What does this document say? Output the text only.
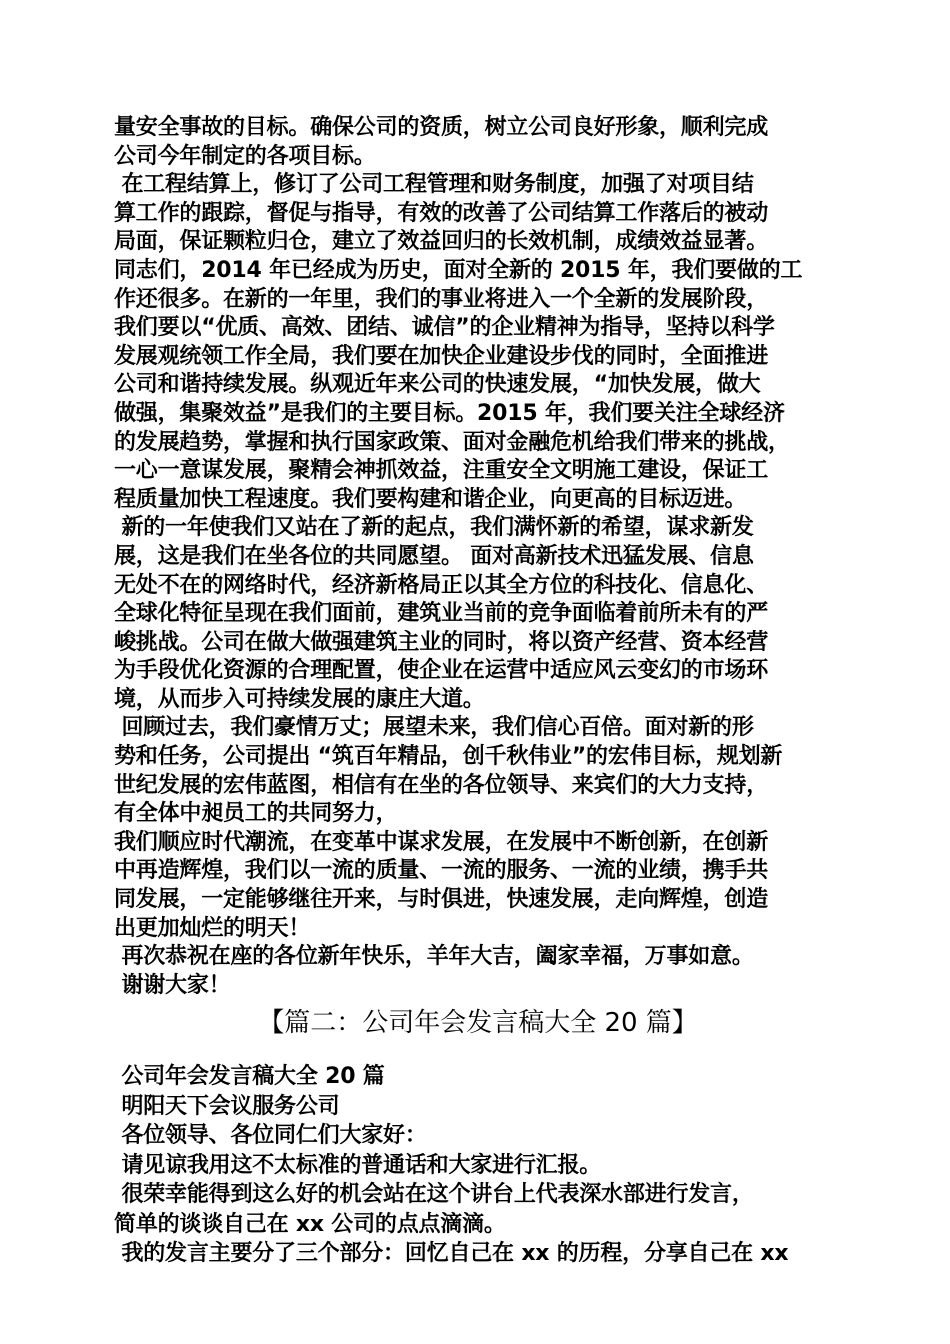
量安全事故的目标。确保公司的资质，树立公司良好形象，顺利完成
公司今年制定的各项目标。
在工程结算上，修订了公司工程管理和财务制度，加强了对项目结
算工作的跟踪，督促与指导，有效的改善了公司结算工作落后的被动
局面，保证颗粒归仓，建立了效益回归的长效机制，成绩效益显著。
同志们，2014 年已经成为历史，面对全新的 2015 年，我们要做的工
作还很多。在新的一年里，我们的事业将进入一个全新的发展阶段，
我们要以“优质、高效、团结、诚信”的企业精神为指导，坚持以科学
发展观统领工作全局，我们要在加快企业建设步伐的同时，全面推进
公司和谐持续发展。纵观近年来公司的快速发展，“加快发展，做大
做强，集聚效益”是我们的主要目标。2015 年，我们要关注全球经济
的发展趋势，掌握和执行国家政策、面对金融危机给我们带来的挑战，
一心一意谋发展，聚精会神抓效益，注重安全文明施工建设，保证工
程质量加快工程速度。我们要构建和谐企业，向更高的目标迈进。
新的一年使我们又站在了新的起点，我们满怀新的希望，谋求新发
展，这是我们在坐各位的共同愿望。 面对高新技术迅猛发展、信息
无处不在的网络时代，经济新格局正以其全方位的科技化、信息化、
全球化特征呈现在我们面前，建筑业当前的竞争面临着前所未有的严
峻挑战。公司在做大做强建筑主业的同时，将以资产经营、资本经营
为手段优化资源的合理配置，使企业在运营中适应风云变幻的市场环
境，从而步入可持续发展的康庄大道。
回顾过去，我们豪情万丈；展望未来，我们信心百倍。面对新的形
势和任务，公司提出 “筑百年精品，创千秋伟业”的宏伟目标，规划新
世纪发展的宏伟蓝图，相信有在坐的各位领导、来宾们的大力支持，
有全体中昶员工的共同努力，
我们顺应时代潮流，在变革中谋求发展，在发展中不断创新，在创新
中再造辉煌，我们以一流的质量、一流的服务、一流的业绩，携手共
同发展，一定能够继往开来，与时俱进，快速发展，走向辉煌，创造
出更加灿烂的明天！
再次恭祝在座的各位新年快乐，羊年大吉，阖家幸福，万事如意。
谢谢大家！
【篇二：公司年会发言稿大全 20 篇】
公司年会发言稿大全 20 篇
明阳天下会议服务公司
各位领导、各位同仁们大家好：
请见谅我用这不太标准的普通话和大家进行汇报。
很荣幸能得到这么好的机会站在这个讲台上代表深水部进行发言，
简单的谈谈自己在 xx 公司的点点滴滴。
我的发言主要分了三个部分：回忆自己在 xx 的历程，分享自己在 xx
